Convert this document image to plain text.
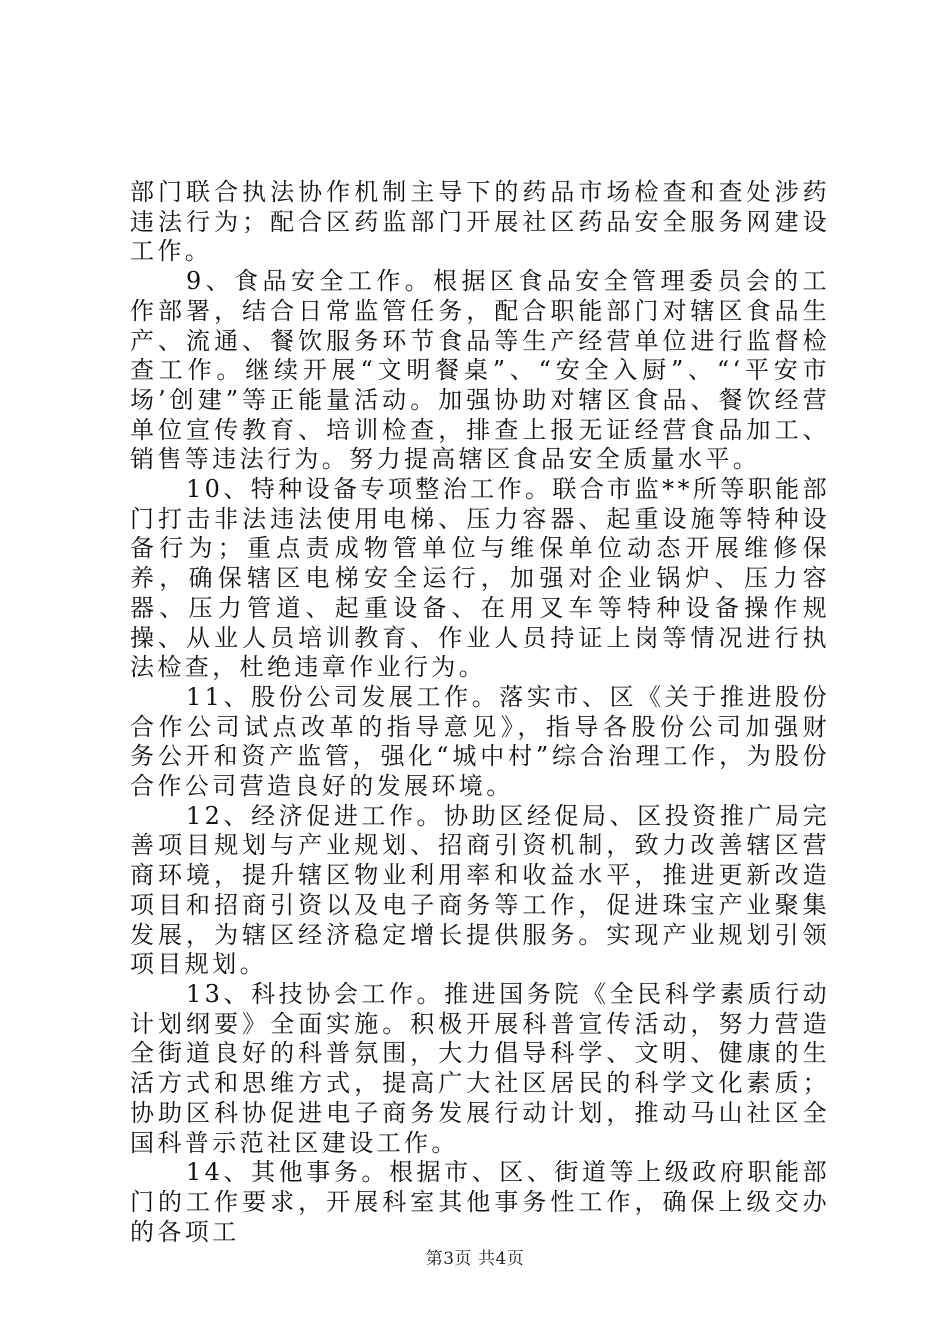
部门联合执法协作机制主导下的药品市场检查和查处涉药违法行为；配合区药监部门开展社区药品安全服务网建设工作。

9、食品安全工作。根据区食品安全管理委员会的工作部署，结合日常监管任务，配合职能部门对辖区食品生产、流通、餐饮服务环节食品等生产经营单位进行监督检查工作。继续开展“文明餐桌”、“安全入厨”、“‘平安市场’创建”等正能量活动。加强协助对辖区食品、餐饮经营单位宣传教育、培训检查，排查上报无证经营食品加工、销售等违法行为。努力提高辖区食品安全质量水平。

10、特种设备专项整治工作。联合市监**所等职能部门打击非法违法使用电梯、压力容器、起重设施等特种设备行为；重点责成物管单位与维保单位动态开展维修保养，确保辖区电梯安全运行，加强对企业锅炉、压力容器、压力管道、起重设备、在用叉车等特种设备操作规操、从业人员培训教育、作业人员持证上岗等情况进行执法检查，杜绝违章作业行为。

11、股份公司发展工作。落实市、区《关于推进股份合作公司试点改革的指导意见》，指导各股份公司加强财务公开和资产监管，强化“城中村”综合治理工作，为股份合作公司营造良好的发展环境。

12、经济促进工作。协助区经促局、区投资推广局完善项目规划与产业规划、招商引资机制，致力改善辖区营商环境，提升辖区物业利用率和收益水平，推进更新改造项目和招商引资以及电子商务等工作，促进珠宝产业聚集发展，为辖区经济稳定增长提供服务。实现产业规划引领项目规划。

13、科技协会工作。推进国务院《全民科学素质行动计划纲要》全面实施。积极开展科普宣传活动，努力营造全街道良好的科普氛围，大力倡导科学、文明、健康的生活方式和思维方式，提高广大社区居民的科学文化素质；协助区科协促进电子商务发展行动计划，推动马山社区全国科普示范社区建设工作。

14、其他事务。根据市、区、街道等上级政府职能部门的工作要求，开展科室其他事务性工作，确保上级交办的各项工

第3页 共4页
